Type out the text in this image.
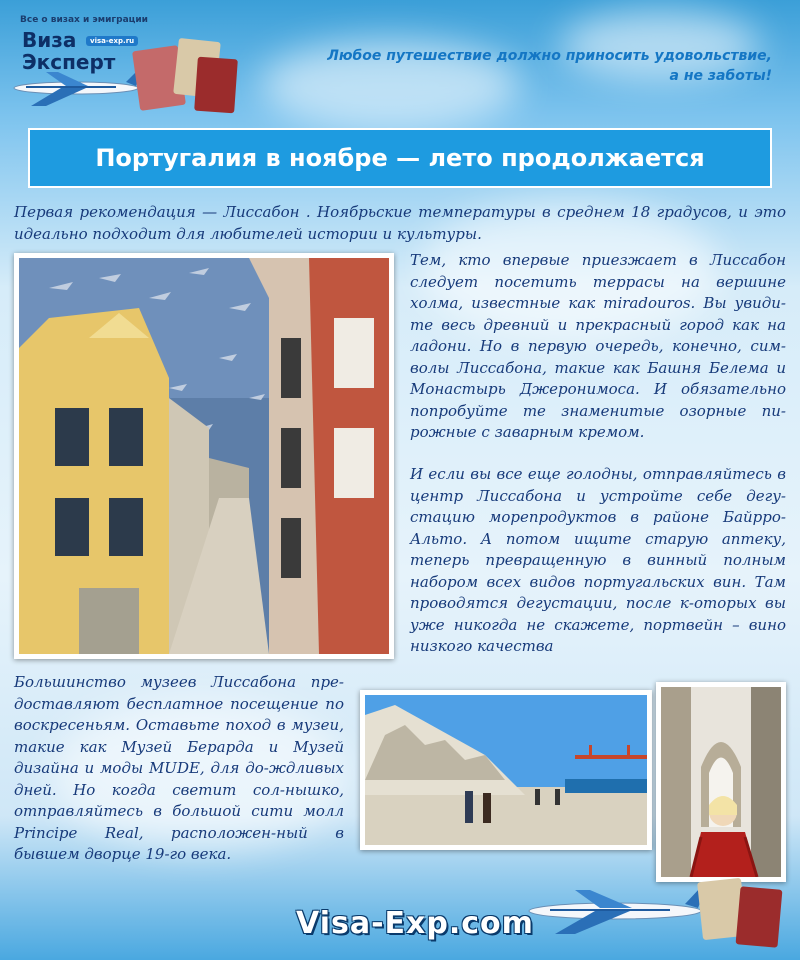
Все о визах и эмиграции
Виза
Эксперт
visa-exp.ru
Любое путешествие должно приносить удовольствие,
а не заботы!
Португалия в ноябре — лето продолжается
Первая рекомендация — Лиссабон . Ноябрьские температуры в среднем 18 градусов, и это идеально подходит для любителей истории и культуры.
Тем, кто впервые приезжает в Лиссабон следует посетить террасы на вершине холма, известные как miradouros. Вы увиди-те весь древний и прекрасный город как на ладони. Но в первую очередь, конечно, сим-волы Лиссабона, такие как Башня Белема и Монастырь Джеронимоса. И обязательно попробуйте те знаменитые озорные пи-рожные с заварным кремом.
И если вы все еще голодны, отправляйтесь в центр Лиссабона и устройте себе дегу-стацию морепродуктов в районе Байрро-Альто. А потом ищите старую аптеку, теперь превращенную в винный полным набором всех видов португальских вин. Там проводятся дегустации, после к-оторых вы уже никогда не скажете, портвейн – вино низкого качества
Большинство музеев Лиссабона пре-доставляют бесплатное посещение по воскресеньям. Оставьте поход в музеи, такие как Музей Берарда и Музей дизайна и моды MUDE, для до-ждливых дней. Но когда светит сол-нышко, отправляйтесь в большой сити молл Principe Real, расположен-ный в бывшем дворце 19-го века.
Visa-Exp.com
